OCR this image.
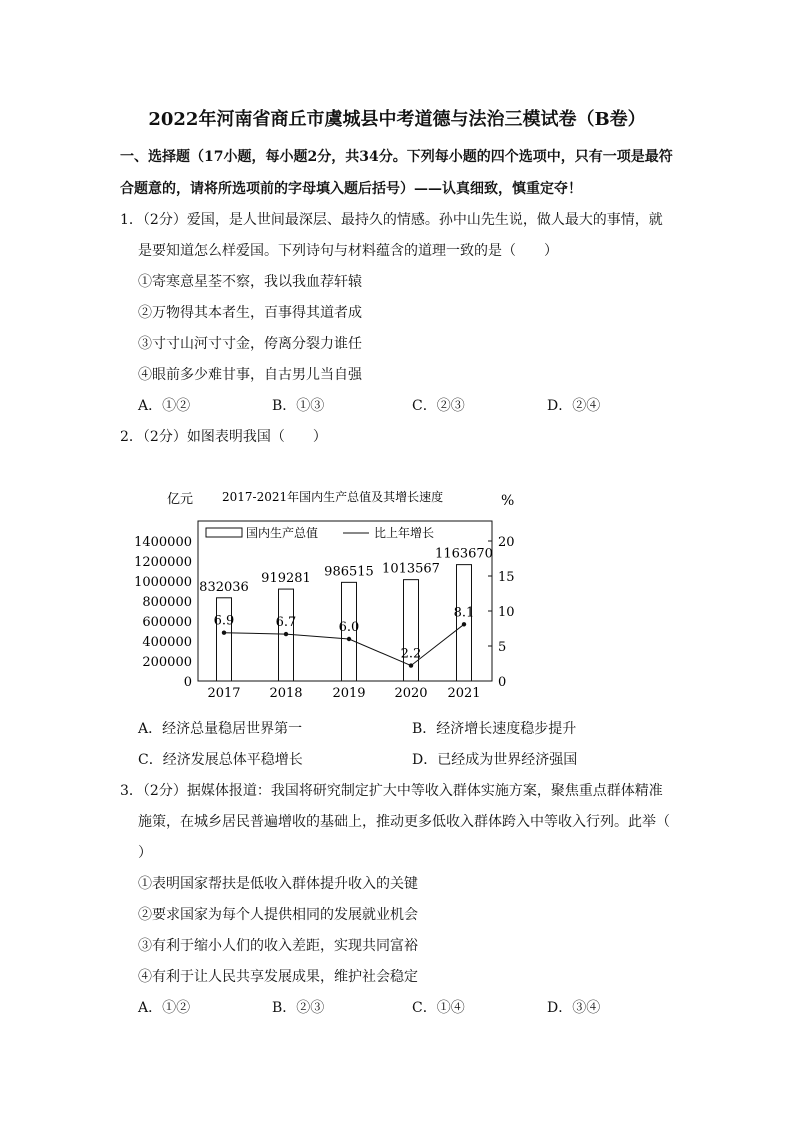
2022年河南省商丘市虞城县中考道德与法治三模试卷（B卷）
一、选择题（17小题，每小题2分，共34分。下列每小题的四个选项中，只有一项是最符
合题意的，请将所选项前的字母填入题后括号）——认真细致，慎重定夺！
1．（2分）爱国，是人世间最深层、最持久的情感。孙中山先生说，做人最大的事情，就
是要知道怎么样爱国。下列诗句与材料蕴含的道理一致的是（　　）
①寄寒意星荃不察，我以我血荐轩辕
②万物得其本者生，百事得其道者成
③寸寸山河寸寸金，侉离分裂力谁任
④眼前多少难甘事，自古男儿当自强
A．①②	B．①③	C．②③	D．②④
2．（2分）如图表明我国（　　）
亿元 2017-2021年国内生产总值及其增长速度	%
0
200000
400000
600000
800000
1000000
1200000
1400000
0
5
10
15
20
832036
919281 986515 1013567
1163670
6.9	6.7	6.0
2.2
8.1
2017 2018 2019 2020 2021
国内生产总值	比上年增长
A．经济总量稳居世界第一	B．经济增长速度稳步提升
C．经济发展总体平稳增长	D．已经成为世界经济强国
3．（2分）据媒体报道：我国将研究制定扩大中等收入群体实施方案，聚焦重点群体精准
施策，在城乡居民普遍增收的基础上，推动更多低收入群体跨入中等收入行列。此举（
）
①表明国家帮扶是低收入群体提升收入的关键
②要求国家为每个人提供相同的发展就业机会
③有利于缩小人们的收入差距，实现共同富裕
④有利于让人民共享发展成果，维护社会稳定
A．①②	B．②③	C．①④	D．③④
